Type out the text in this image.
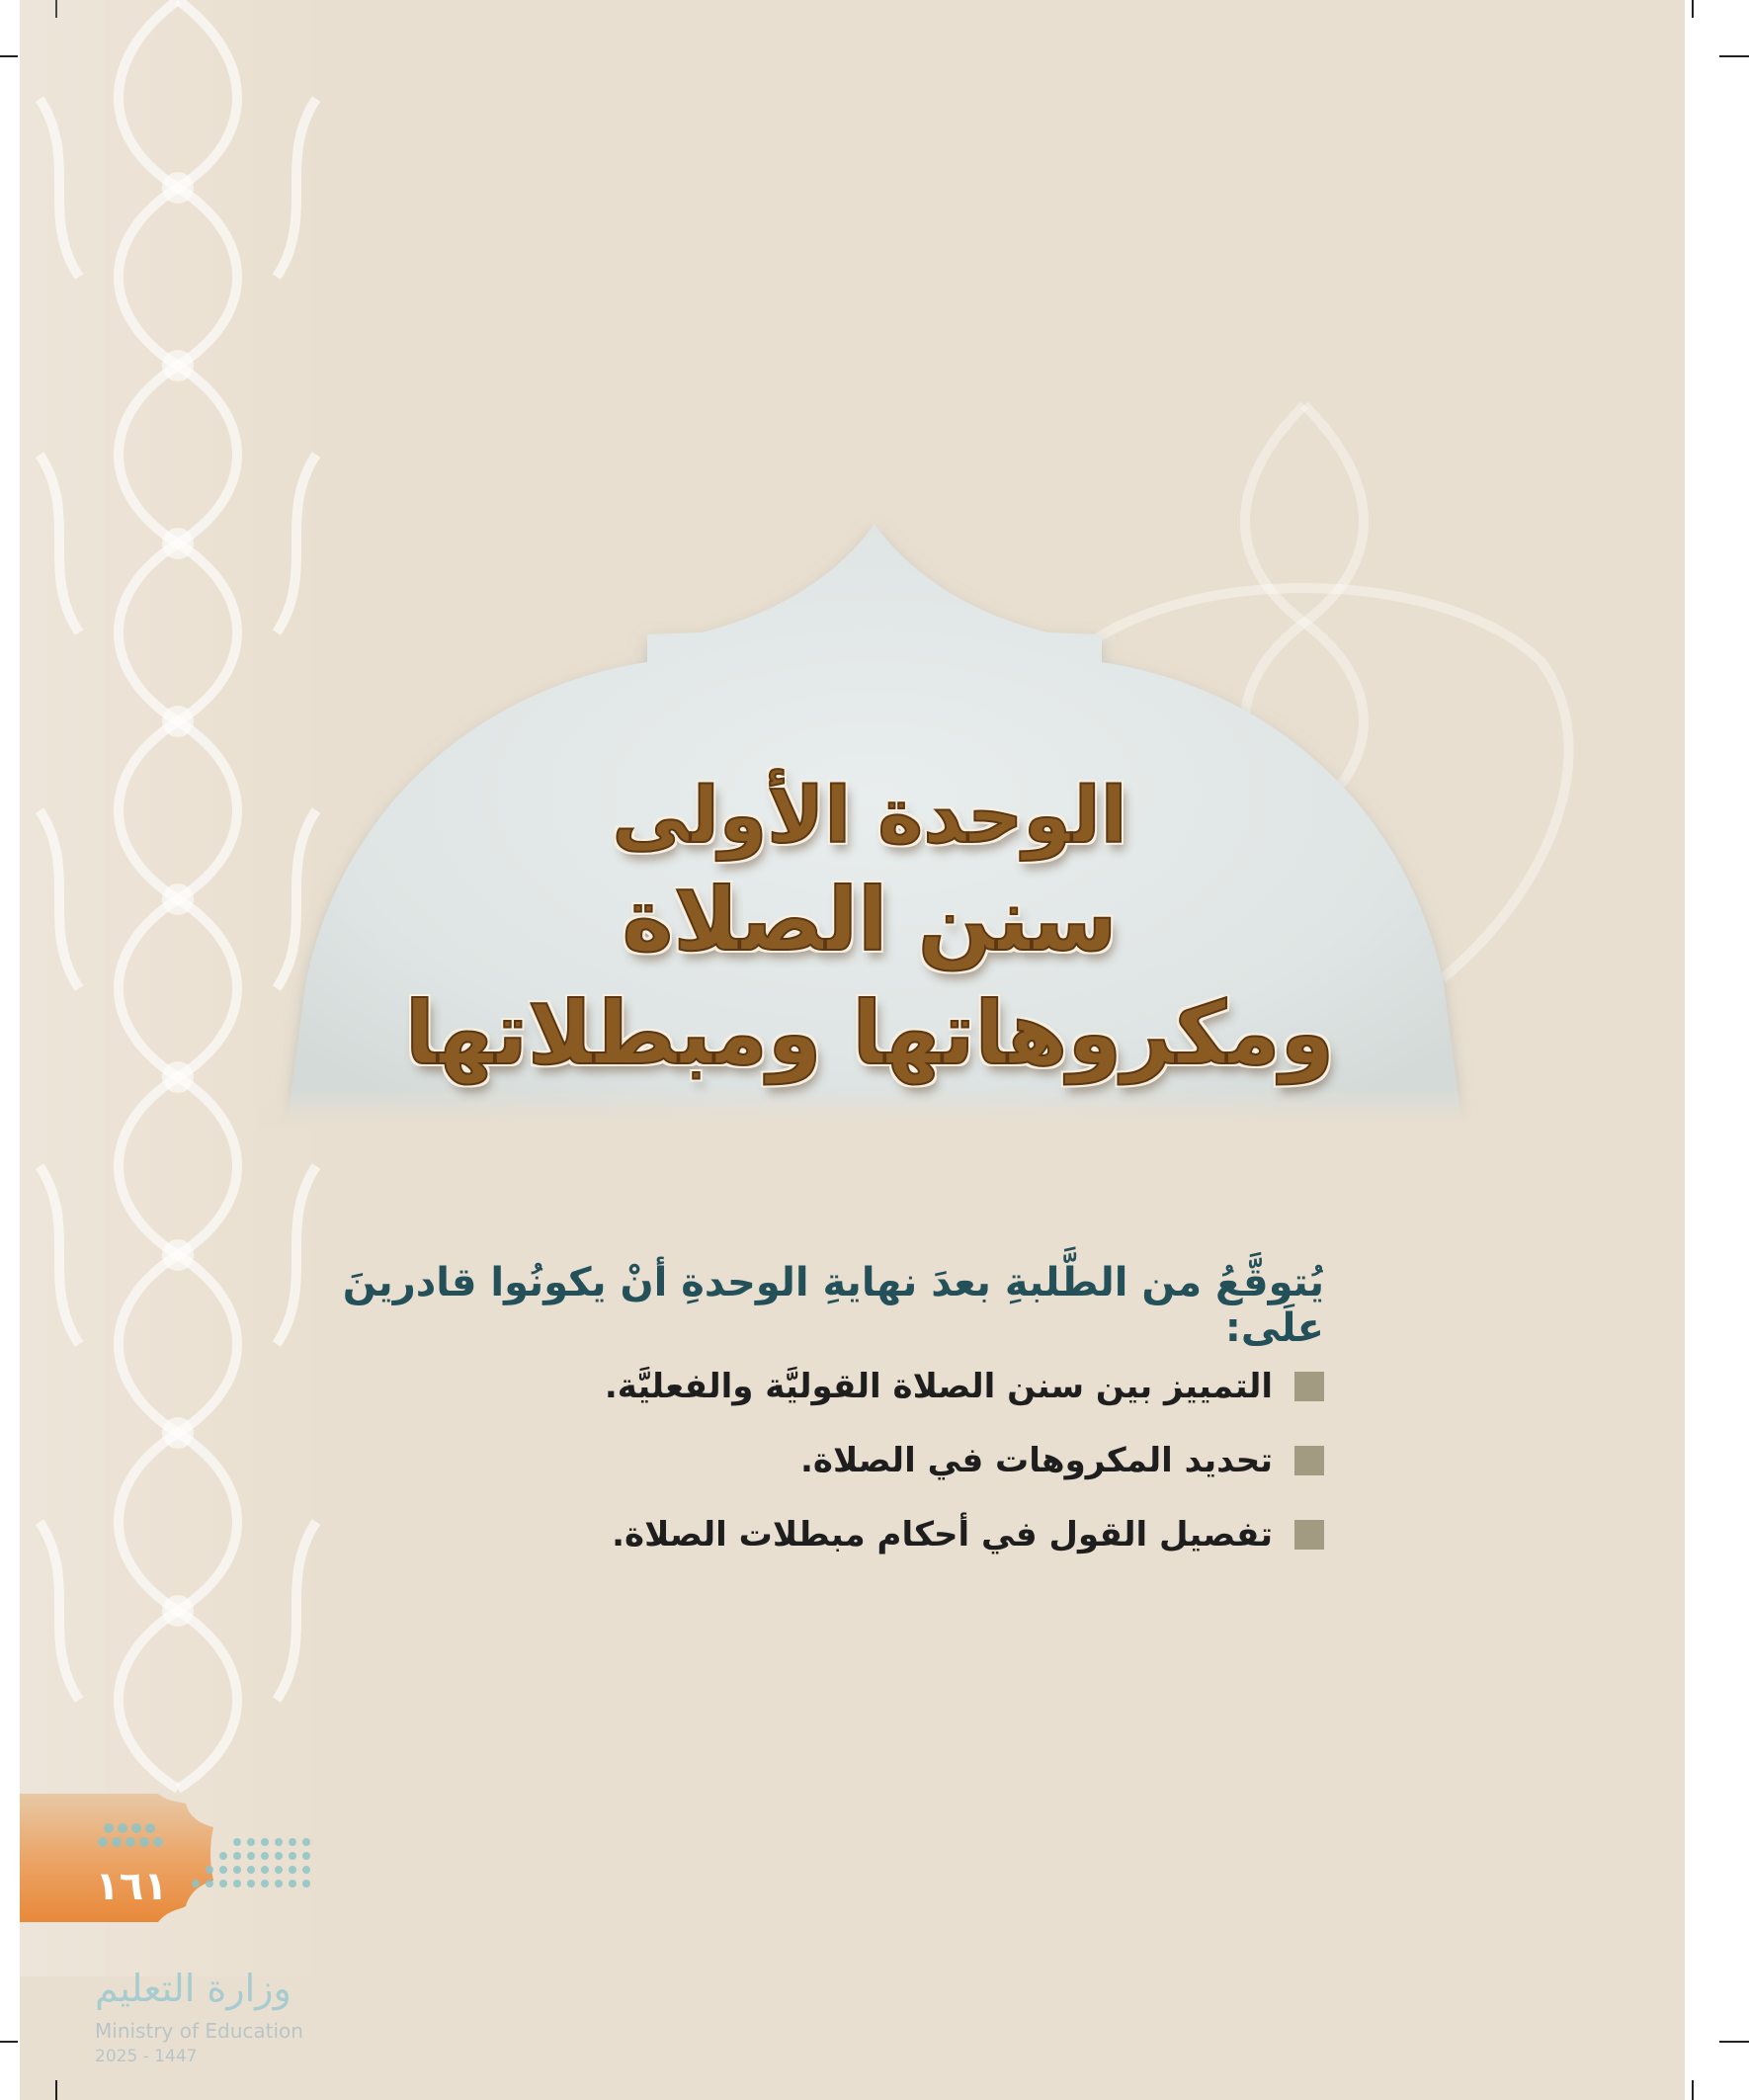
الوحدة الأولى
سنن الصلاة
ومكروهاتها ومبطلاتها
يُتوقَّعُ من الطَّلبةِ بعدَ نهايةِ الوحدةِ أنْ يكونُوا قادرينَ علَى:
التمييز بين سنن الصلاة القوليَّة والفعليَّة.
تحديد المكروهات في الصلاة.
تفصيل القول في أحكام مبطلات الصلاة.
١٦١
وزارة التعليم
Ministry of Education
2025 - 1447
